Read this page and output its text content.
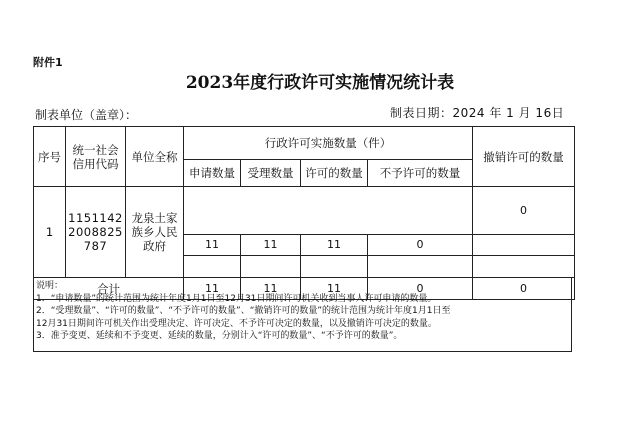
附件1
2023年度行政许可实施情况统计表
制表单位（盖章）：	制表日期：2024 年 1 月 16日
序号	统一社会信用代码	单位全称	行政许可实施数量（件）				撤销许可的数量
			申请数量	受理数量	许可的数量	不予许可的数量	
1	11511422008825787	龙泉土家族乡人民政府					0
			11	11	11	0	

合计			11	11	11	0	0
说明：
1．“申请数量”的统计范围为统计年度1月1日至12月31日期间许可机关收到当事人许可申请的数量。
2．“受理数量”、“许可的数量”、“不予许可的数量”、“撤销许可的数量”的统计范围为统计年度1月1日至
12月31日期间许可机关作出受理决定、许可决定、不予许可决定的数量，以及撤销许可决定的数量。
3．准予变更、延续和不予变更、延续的数量，分别计入“许可的数量”、“不予许可的数量”。
